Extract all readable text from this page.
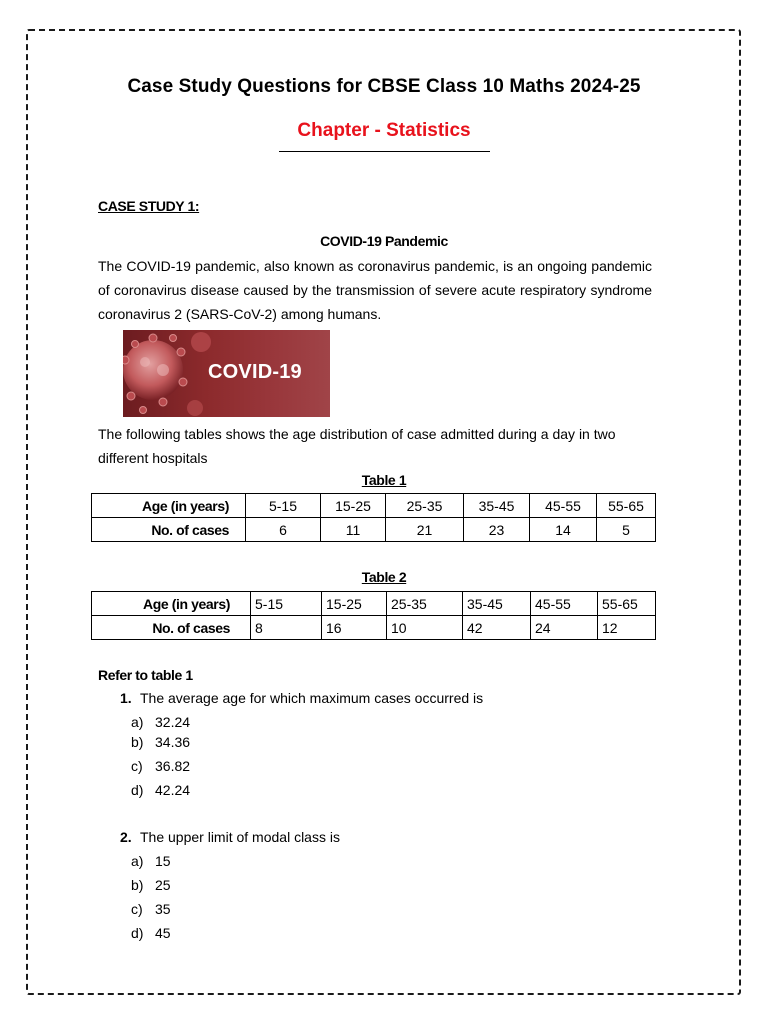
Case Study Questions for CBSE Class 10 Maths 2024-25
Chapter - Statistics
CASE STUDY 1:
COVID-19 Pandemic
The COVID-19 pandemic, also known as coronavirus pandemic, is an ongoing pandemic of coronavirus disease caused by the transmission of severe acute respiratory syndrome coronavirus 2 (SARS-CoV-2) among humans.
COVID-19
The following tables shows the age distribution of case admitted during a day in two different hospitals
Table 1
Age (in years)	5-15	15-25	25-35	35-45	45-55	55-65
No. of cases	6	11	21	23	14	5
Table 2
Age (in years)	5-15	15-25	25-35	35-45	45-55	55-65
No. of cases	8	16	10	42	24	12
Refer to table 1
1. The average age for which maximum cases occurred is
a) 32.24
b) 34.36
c) 36.82
d) 42.24
2. The upper limit of modal class is
a) 15
b) 25
c) 35
d) 45
